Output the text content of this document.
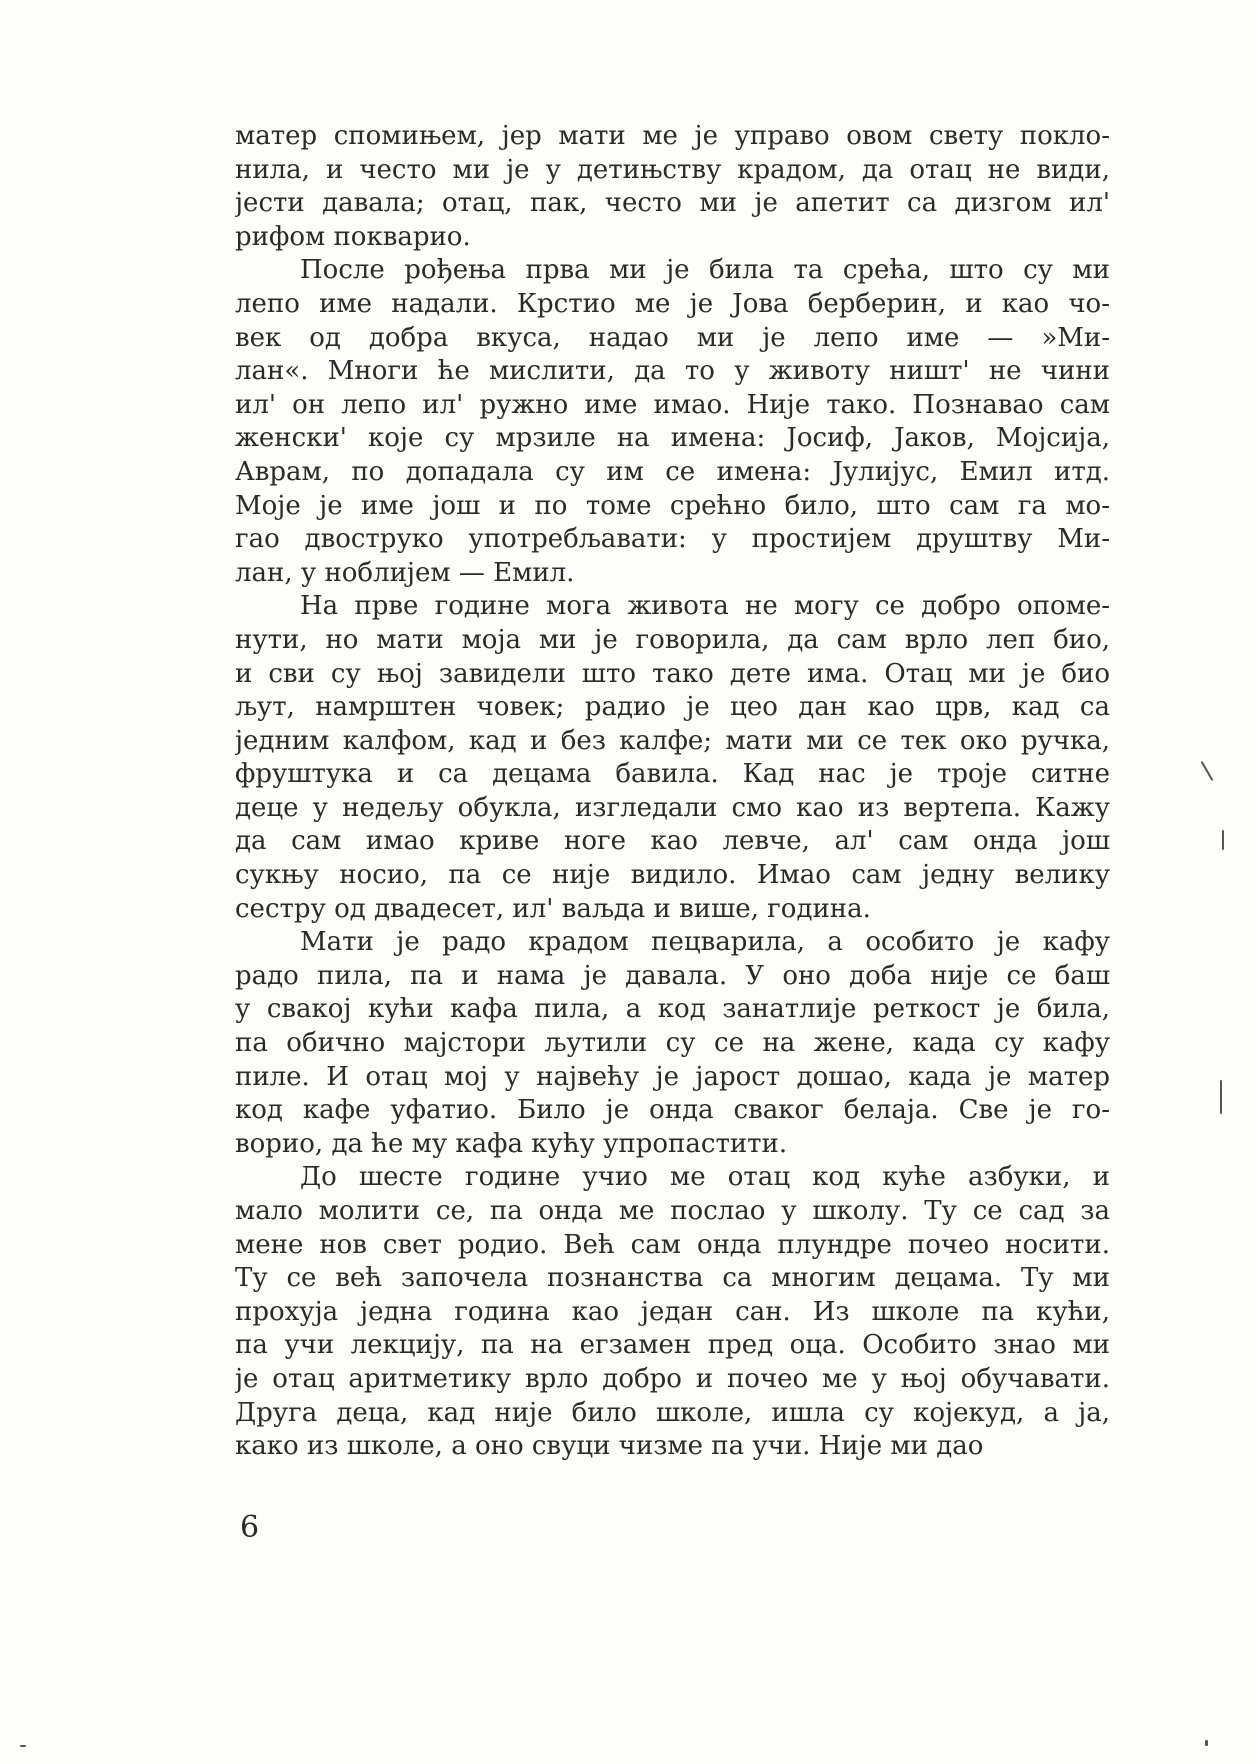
матер спомињем, јер мати ме је управо овом свету покло-
нила, и често ми је у детињству крадом, да отац не види,
јести давала; отац, пак, често ми је апетит са дизгом ил'
рифом покварио.
После рођења прва ми је била та срећа, што су ми
лепо име надали. Крстио ме је Јова берберин, и као чо-
век од добра вкуса, надао ми је лепо име — »Ми-
лан«. Многи ће мислити, да то у животу ништ' не чини
ил' он лепо ил' ружно име имао. Није тако. Познавао сам
женски' које су мрзиле на имена: Јосиф, Јаков, Мојсија,
Аврам, по допадала су им се имена: Јулијус, Емил итд.
Моје је име још и по томе срећно било, што сам га мо-
гао двоструко употребљавати: у простијем друштву Ми-
лан, у ноблијем — Емил.
На прве године мога живота не могу се добро опоме-
нути, но мати моја ми је говорила, да сам врло леп био,
и сви су њој завидели што тако дете има. Отац ми је био
љут, намрштен човек; радио је цео дан као црв, кад са
једним калфом, кад и без калфе; мати ми се тек око ручка,
фруштука и са децама бавила. Кад нас је троје ситне
деце у недељу обукла, изгледали смо као из вертепа. Кажу
да сам имао криве ноге као левче, ал' сам онда још
сукњу носио, па се није видило. Имао сам једну велику
сестру од двадесет, ил' ваљда и више, година.
Мати је радо крадом пецварила, а особито је кафу
радо пила, па и нама је давала. У оно доба није се баш
у свакој кући кафа пила, а код занатлије реткост је била,
па обично мајстори љутили су се на жене, када су кафу
пиле. И отац мој у највећу је јарост дошао, када је матер
код кафе уфатио. Било је онда сваког белаја. Све је го-
ворио, да ће му кафа кућу упропастити.
До шесте године учио ме отац код куће азбуки, и
мало молити се, па онда ме послао у школу. Ту се сад за
мене нов свет родио. Већ сам онда плундре почео носити.
Ту се већ започела познанства са многим децама. Ту ми
прохуја једна година као један сан. Из школе па кући,
па учи лекцију, па на егзамен пред оца. Особито знао ми
је отац аритметику врло добро и почео ме у њој обучавати.
Друга деца, кад није било школе, ишла су којекуд, а ја,
како из школе, а оно свуци чизме па учи. Није ми дао
6
